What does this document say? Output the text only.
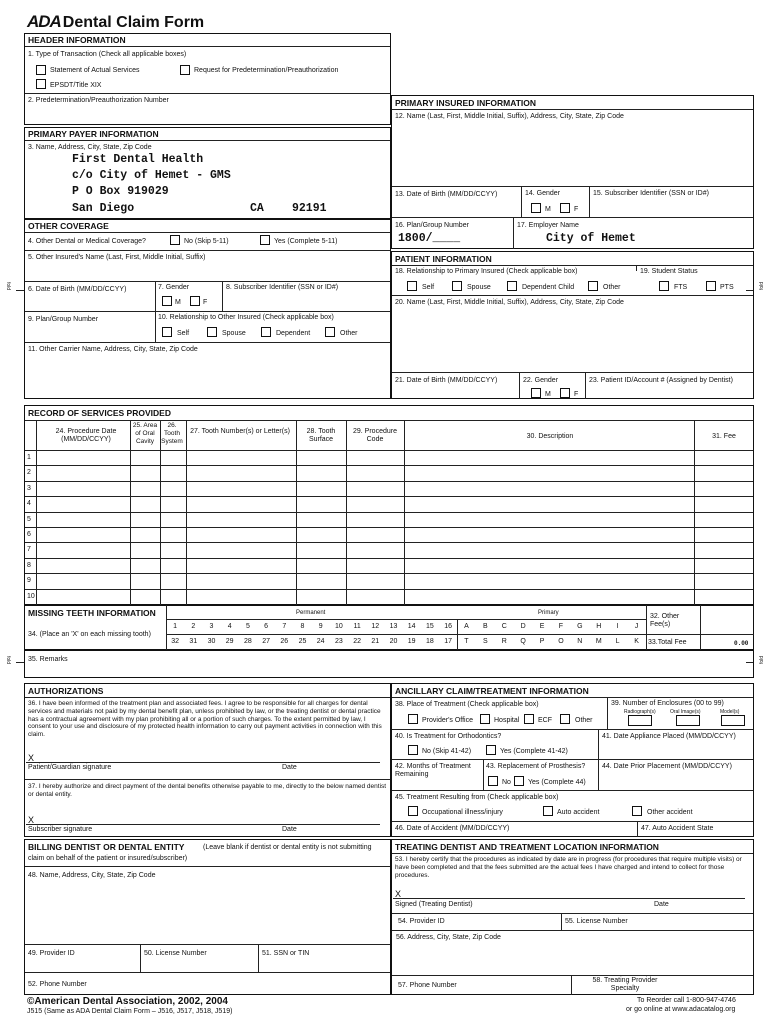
ADA Dental Claim Form
fold	fold
fold	fold
HEADER INFORMATION
1. Type of Transaction (Check all applicable boxes)
Statement of Actual Services	Request for Predetermination/Preauthorization
EPSDT/Title XIX
2. Predetermination/Preauthorization Number
PRIMARY PAYER INFORMATION
3. Name, Address, City, State, Zip Code
First Dental Health
c/o City of Hemet - GMS
P O Box 919029
San Diego	CA 92191
OTHER COVERAGE
4. Other Dental or Medical Coverage?	No (Skip 5-11)	Yes (Complete 5-11)
5. Other Insured's Name (Last, First, Middle Initial, Suffix)
6. Date of Birth (MM/DD/CCYY)	7. Gender
M	F
8. Subscriber Identifier (SSN or ID#)
9. Plan/Group Number	10. Relationship to Other Insured (Check applicable box)
Self	Spouse	Dependent	Other
11. Other Carrier Name, Address, City, State, Zip Code
PRIMARY INSURED INFORMATION
12. Name (Last, First, Middle Initial, Suffix), Address, City, State, Zip Code
13. Date of Birth (MM/DD/CCYY)	14. Gender
M	F
15. Subscriber Identifier (SSN or ID#)
16. Plan/Group Number
1800/____
17. Employer Name
City of Hemet
PATIENT INFORMATION
18. Relationship to Primary Insured (Check applicable box)	19. Student Status
Self	Spouse	Dependent Child	Other	FTS	PTS
20. Name (Last, First, Middle Initial, Suffix), Address, City, State, Zip Code
21. Date of Birth (MM/DD/CCYY)	22. Gender
M	F
23. Patient ID/Account # (Assigned by Dentist)
RECORD OF SERVICES PROVIDED
24. Procedure Date (MM/DD/CCYY)
25. Area of Oral Cavity
26. Tooth System
27. Tooth Number(s) or Letter(s)	28. Tooth Surface
29. Procedure Code	30. Description	31. Fee
1
2
3
4
5
6
7
8
9
10
MISSING TEETH INFORMATION	Permanent	Primary
34. (Place an 'X' on each missing tooth)
32. Other Fee(s)
33.Total Fee	0.00
1	2	3	4	5	6	7	8	9	10	11	12	13	14	15	16
32	31	30	29	28	27	26	25	24	23	22	21	20	19	18	17
A	B	C	D	E	F	G	H	I	J
T	S	R	Q	P	O	N	M	L	K
35. Remarks
AUTHORIZATIONS
36. I have been informed of the treatment plan and associated fees. I agree to be responsible for all charges for dental services and materials not paid by my dental benefit plan, unless prohibited by law, or the treating dentist or dental practice has a contractual agreement with my plan prohibiting all or a portion of such charges. To the extent permitted by law, I consent to your use and disclosure of my protected health information to carry out payment activities in connection with this claim.
X
Patient/Guardian signature	Date
37. I hereby authorize and direct payment of the dental benefits otherwise payable to me, directly to the below named dentist or dental entity.
X
Subscriber signature	Date
ANCILLARY CLAIM/TREATMENT INFORMATION
38. Place of Treatment (Check applicable box)	39. Number of Enclosures (00 to 99)
Radiograph(s)	Oral Image(s)	Model(s)
Provider's Office	Hospital	ECF	Other
40. Is Treatment for Orthodontics?
No (Skip 41-42)	Yes (Complete 41-42)
41. Date Appliance Placed (MM/DD/CCYY)
42. Months of Treatment Remaining
43. Replacement of Prosthesis?
No Yes (Complete 44)
44. Date Prior Placement (MM/DD/CCYY)
45. Treatment Resulting from (Check applicable box)
Occupational illness/injury	Auto accident	Other accident
46. Date of Accident (MM/DD/CCYY)	47. Auto Accident State
BILLING DENTIST OR DENTAL ENTITY	(Leave blank if dentist or dental entity is not submitting
claim on behalf of the patient or insured/subscriber)
48. Name, Address, City, State, Zip Code
49. Provider ID	50. License Number	51. SSN or TIN
52. Phone Number
TREATING DENTIST AND TREATMENT LOCATION INFORMATION
53. I hereby certify that the procedures as indicated by date are in progress (for procedures that require multiple visits) or have been completed and that the fees submitted are the actual fees I have charged and intend to collect for those procedures.
X
Signed (Treating Dentist)	Date
54. Provider ID	55. License Number
56. Address, City, State, Zip Code
57. Phone Number
58. Treating Provider Specialty
©American Dental Association, 2002, 2004
J515 (Same as ADA Dental Claim Form – J516, J517, J518, J519)
To Reorder call 1-800-947-4746
or go online at www.adacatalog.org
